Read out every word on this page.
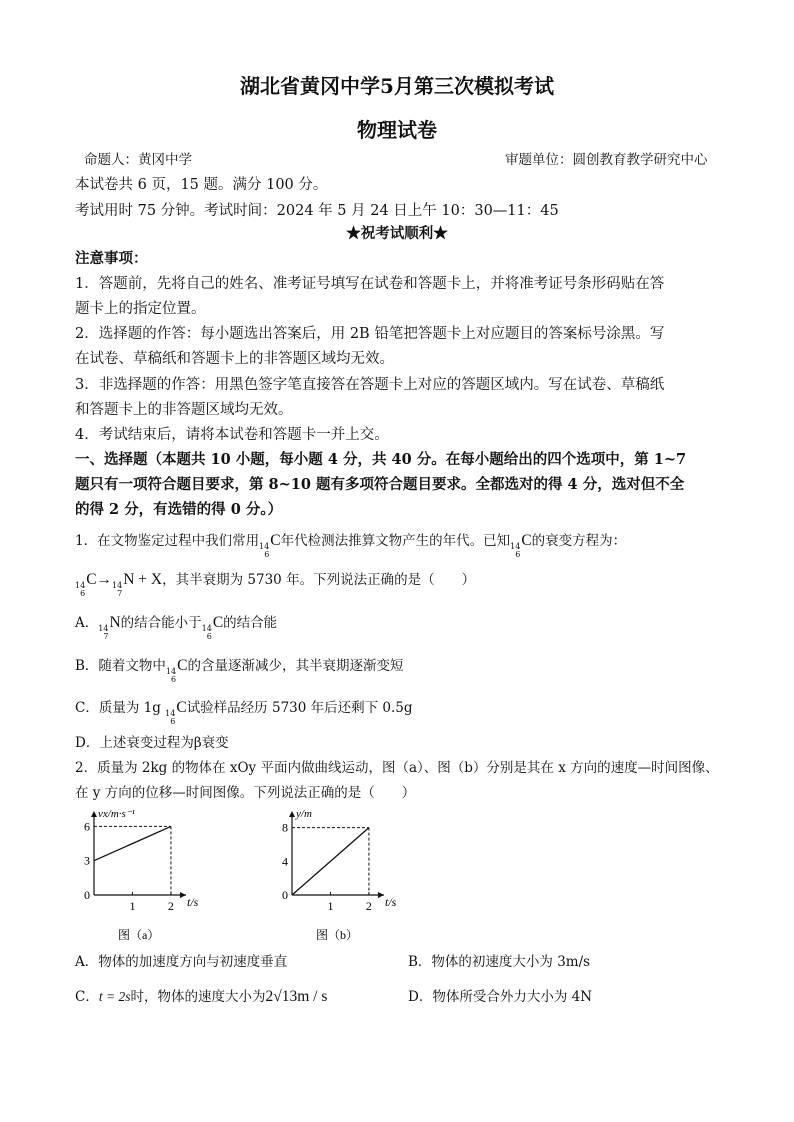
湖北省黄冈中学5月第三次模拟考试
物理试卷
命题人：黄冈中学	审题单位：圆创教育教学研究中心
本试卷共 6 页，15 题。满分 100 分。
考试用时 75 分钟。考试时间：2024 年 5 月 24 日上午 10：30—11：45
★祝考试顺利★
注意事项：
1．答题前，先将自己的姓名、准考证号填写在试卷和答题卡上，并将准考证号条形码贴在答
题卡上的指定位置。
2．选择题的作答：每小题选出答案后，用 2B 铅笔把答题卡上对应题目的答案标号涂黑。写
在试卷、草稿纸和答题卡上的非答题区域均无效。
3．非选择题的作答：用黑色签字笔直接答在答题卡上对应的答题区域内。写在试卷、草稿纸
和答题卡上的非答题区域均无效。
4．考试结束后，请将本试卷和答题卡一并上交。
一、选择题（本题共 10 小题，每小题 4 分，共 40 分。在每小题给出的四个选项中，第 1~7
题只有一项符合题目要求，第 8~10 题有多项符合题目要求。全都选对的得 4 分，选对但不全
的得 2 分，有选错的得 0 分。）
1．在文物鉴定过程中我们常用 14
6
C年代检测法推算文物产生的年代。已知 14
6
C的衰变方程为：
14
6
C→ 14
7
N + X，其半衰期为 5730 年。下列说法正确的是（　　）
A． 14
7
N的结合能小于 14
6
C的结合能
B．随着文物中 14
6
C的含量逐渐减少，其半衰期逐渐变短
C．质量为 1g 14
6
C试验样品经历 5730 年后还剩下 0.5g
D．上述衰变过程为β衰变
2．质量为 2kg 的物体在 xOy 平面内做曲线运动，图（a）、图（b）分别是其在 x 方向的速度—时间图像、
在 y 方向的位移—时间图像。下列说法正确的是（　　）
vx/m·s⁻¹
t/s
0
1	2
3
6
图（a）
y/m
t/s
0
1	2
4
8
图（b）
A．物体的加速度方向与初速度垂直	B．物体的初速度大小为 3m/s
C．t = 2s时，物体的速度大小为2√13m / s	D．物体所受合外力大小为 4N
